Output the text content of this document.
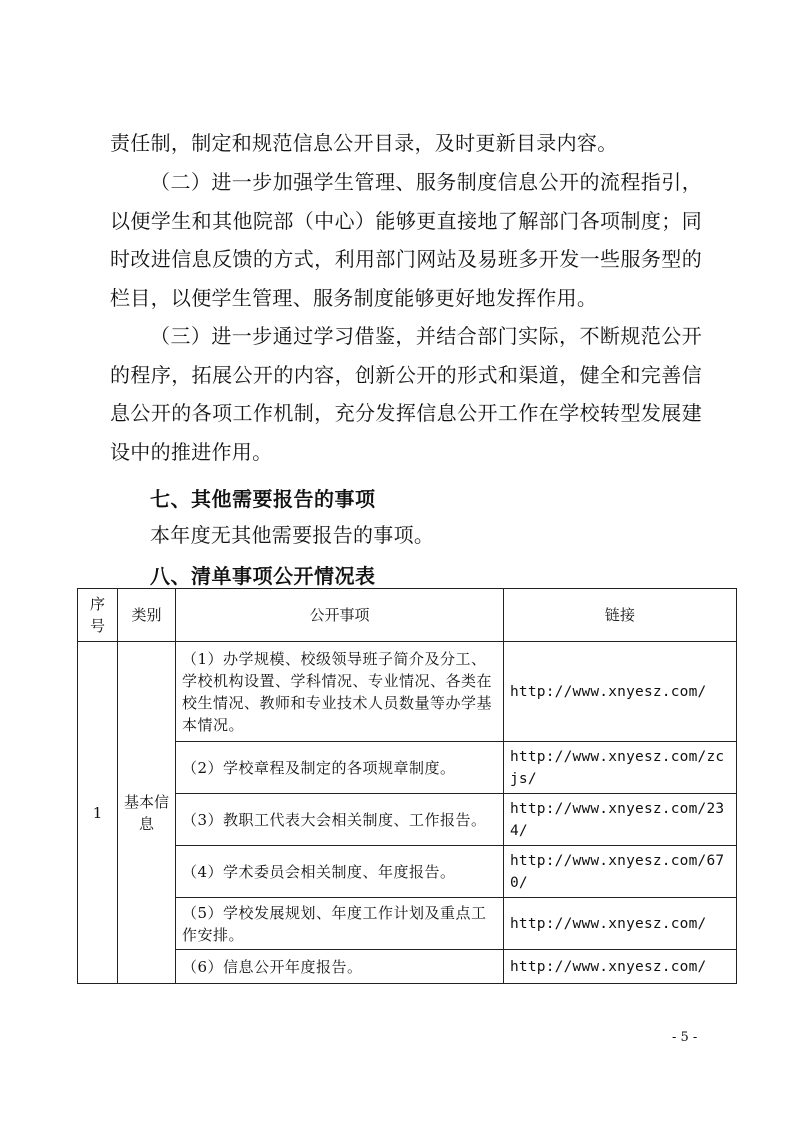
责任制，制定和规范信息公开目录，及时更新目录内容。

（二）进一步加强学生管理、服务制度信息公开的流程指引，以便学生和其他院部（中心）能够更直接地了解部门各项制度；同时改进信息反馈的方式，利用部门网站及易班多开发一些服务型的栏目，以便学生管理、服务制度能够更好地发挥作用。

（三）进一步通过学习借鉴，并结合部门实际，不断规范公开的程序，拓展公开的内容，创新公开的形式和渠道，健全和完善信息公开的各项工作机制，充分发挥信息公开工作在学校转型发展建设中的推进作用。

七、其他需要报告的事项

本年度无其他需要报告的事项。

八、清单事项公开情况表
序号	类别	公开事项	链接
1	基本信息	（1）办学规模、校级领导班子简介及分工、学校机构设置、学科情况、专业情况、各类在校生情况、教师和专业技术人员数量等办学基本情况。	http://www.xnyesz.com/
		（2）学校章程及制定的各项规章制度。	http://www.xnyesz.com/zcjs/
		（3）教职工代表大会相关制度、工作报告。	http://www.xnyesz.com/234/
		（4）学术委员会相关制度、年度报告。	http://www.xnyesz.com/670/
		（5）学校发展规划、年度工作计划及重点工作安排。	http://www.xnyesz.com/
		（6）信息公开年度报告。	http://www.xnyesz.com/
- 5 -
